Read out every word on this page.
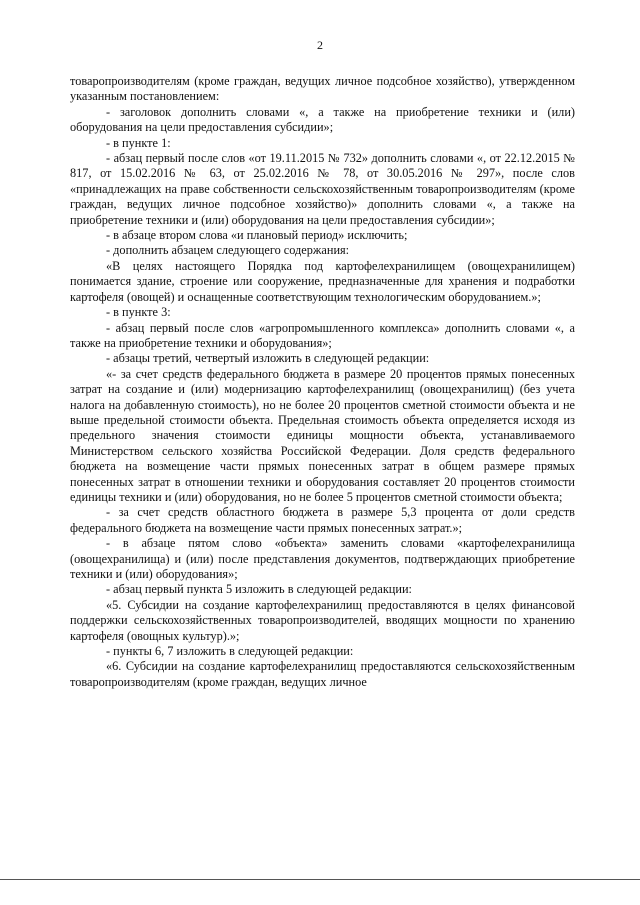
2

товаропроизводителям (кроме граждан, ведущих личное подсобное хозяйство), утвержденном указанным постановлением:

- заголовок дополнить словами «, а также на приобретение техники и (или) оборудования на цели предоставления субсидии»;

- в пункте 1:

- абзац первый после слов «от 19.11.2015 № 732» дополнить словами «, от 22.12.2015 № 817, от 15.02.2016 № 63, от 25.02.2016 № 78, от 30.05.2016 № 297», после слов «принадлежащих на праве собственности сельскохозяйственным товаропроизводителям (кроме граждан, ведущих личное подсобное хозяйство)» дополнить словами «, а также на приобретение техники и (или) оборудования на цели предоставления субсидии»;

- в абзаце втором слова «и плановый период» исключить;

- дополнить абзацем следующего содержания:

«В целях настоящего Порядка под картофелехранилищем (овощехранилищем) понимается здание, строение или сооружение, предназначенные для хранения и подработки картофеля (овощей) и оснащенные соответствующим технологическим оборудованием.»;

- в пункте 3:

- абзац первый после слов «агропромышленного комплекса» дополнить словами «, а также на приобретение техники и оборудования»;

- абзацы третий, четвертый изложить в следующей редакции:

«- за счет средств федерального бюджета в размере 20 процентов прямых понесенных затрат на создание и (или) модернизацию картофелехранилищ (овощехранилищ) (без учета налога на добавленную стоимость), но не более 20 процентов сметной стоимости объекта и не выше предельной стоимости объекта. Предельная стоимость объекта определяется исходя из предельного значения стоимости единицы мощности объекта, устанавливаемого Министерством сельского хозяйства Российской Федерации. Доля средств федерального бюджета на возмещение части прямых понесенных затрат в общем размере прямых понесенных затрат в отношении техники и оборудования составляет 20 процентов стоимости единицы техники и (или) оборудования, но не более 5 процентов сметной стоимости объекта;

- за счет средств областного бюджета в размере 5,3 процента от доли средств федерального бюджета на возмещение части прямых понесенных затрат.»;

- в абзаце пятом слово «объекта» заменить словами «картофелехранилища (овощехранилища) и (или) после представления документов, подтверждающих приобретение техники и (или) оборудования»;

- абзац первый пункта 5 изложить в следующей редакции:

«5. Субсидии на создание картофелехранилищ предоставляются в целях финансовой поддержки сельскохозяйственных товаропроизводителей, вводящих мощности по хранению картофеля (овощных культур).»;

- пункты 6, 7 изложить в следующей редакции:

«6. Субсидии на создание картофелехранилищ предоставляются сельскохозяйственным товаропроизводителям (кроме граждан, ведущих личное
